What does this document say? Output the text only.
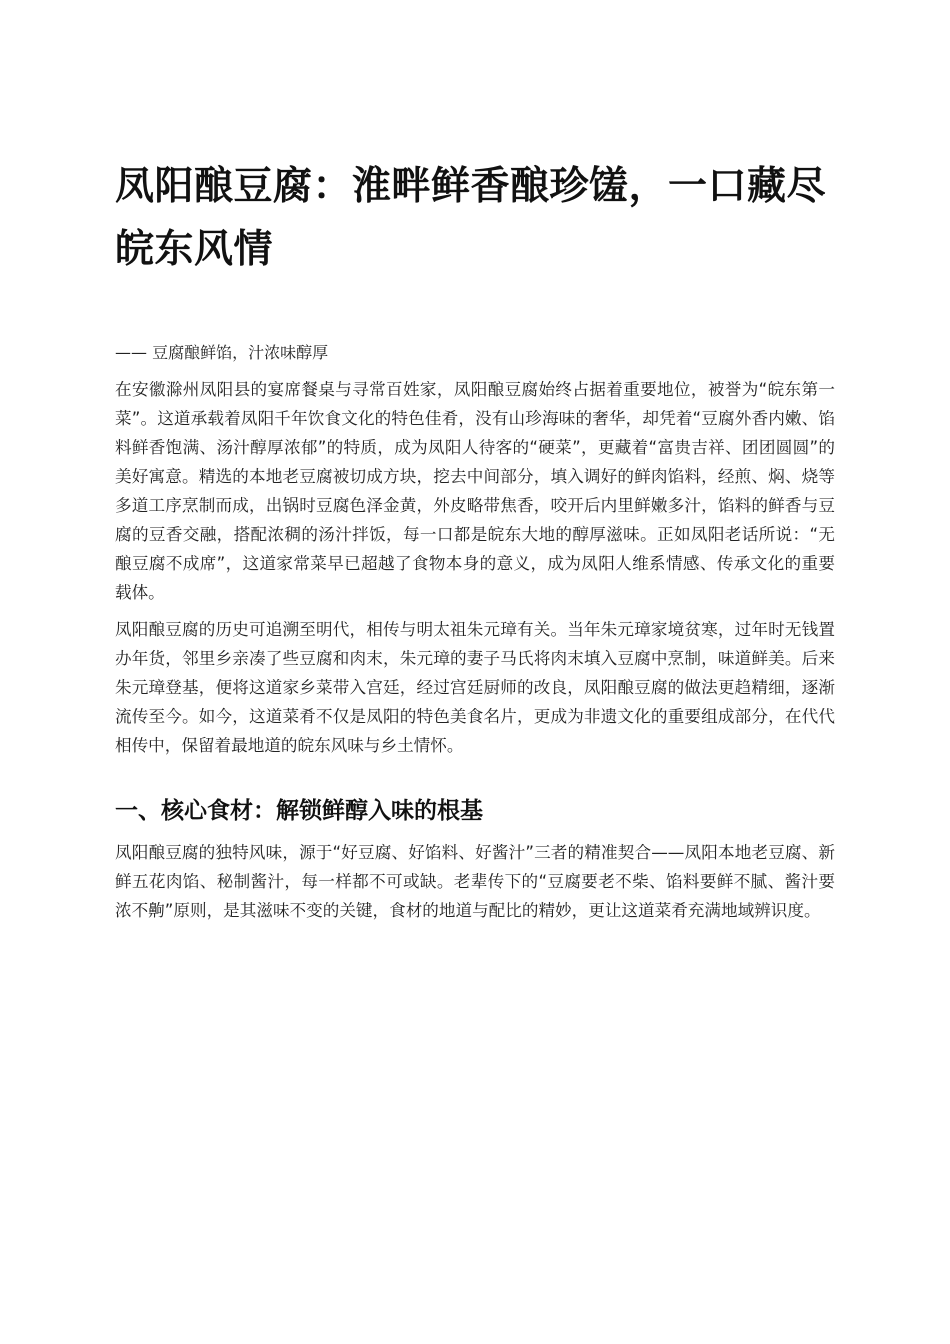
凤阳酿豆腐：淮畔鲜香酿珍馐，一口藏尽皖东风情
—— 豆腐酿鲜馅，汁浓味醇厚

在安徽滁州凤阳县的宴席餐桌与寻常百姓家，凤阳酿豆腐始终占据着重要地位，被誉为“皖东第一菜”。这道承载着凤阳千年饮食文化的特色佳肴，没有山珍海味的奢华，却凭着“豆腐外香内嫩、馅料鲜香饱满、汤汁醇厚浓郁”的特质，成为凤阳人待客的“硬菜”，更藏着“富贵吉祥、团团圆圆”的美好寓意。精选的本地老豆腐被切成方块，挖去中间部分，填入调好的鲜肉馅料，经煎、焖、烧等多道工序烹制而成，出锅时豆腐色泽金黄，外皮略带焦香，咬开后内里鲜嫩多汁，馅料的鲜香与豆腐的豆香交融，搭配浓稠的汤汁拌饭，每一口都是皖东大地的醇厚滋味。正如凤阳老话所说：“无酿豆腐不成席”，这道家常菜早已超越了食物本身的意义，成为凤阳人维系情感、传承文化的重要载体。

凤阳酿豆腐的历史可追溯至明代，相传与明太祖朱元璋有关。当年朱元璋家境贫寒，过年时无钱置办年货，邻里乡亲凑了些豆腐和肉末，朱元璋的妻子马氏将肉末填入豆腐中烹制，味道鲜美。后来朱元璋登基，便将这道家乡菜带入宫廷，经过宫廷厨师的改良，凤阳酿豆腐的做法更趋精细，逐渐流传至今。如今，这道菜肴不仅是凤阳的特色美食名片，更成为非遗文化的重要组成部分，在代代相传中，保留着最地道的皖东风味与乡土情怀。

一、核心食材：解锁鲜醇入味的根基

凤阳酿豆腐的独特风味，源于“好豆腐、好馅料、好酱汁”三者的精准契合——凤阳本地老豆腐、新鲜五花肉馅、秘制酱汁，每一样都不可或缺。老辈传下的“豆腐要老不柴、馅料要鲜不腻、酱汁要浓不齁”原则，是其滋味不变的关键，食材的地道与配比的精妙，更让这道菜肴充满地域辨识度。
